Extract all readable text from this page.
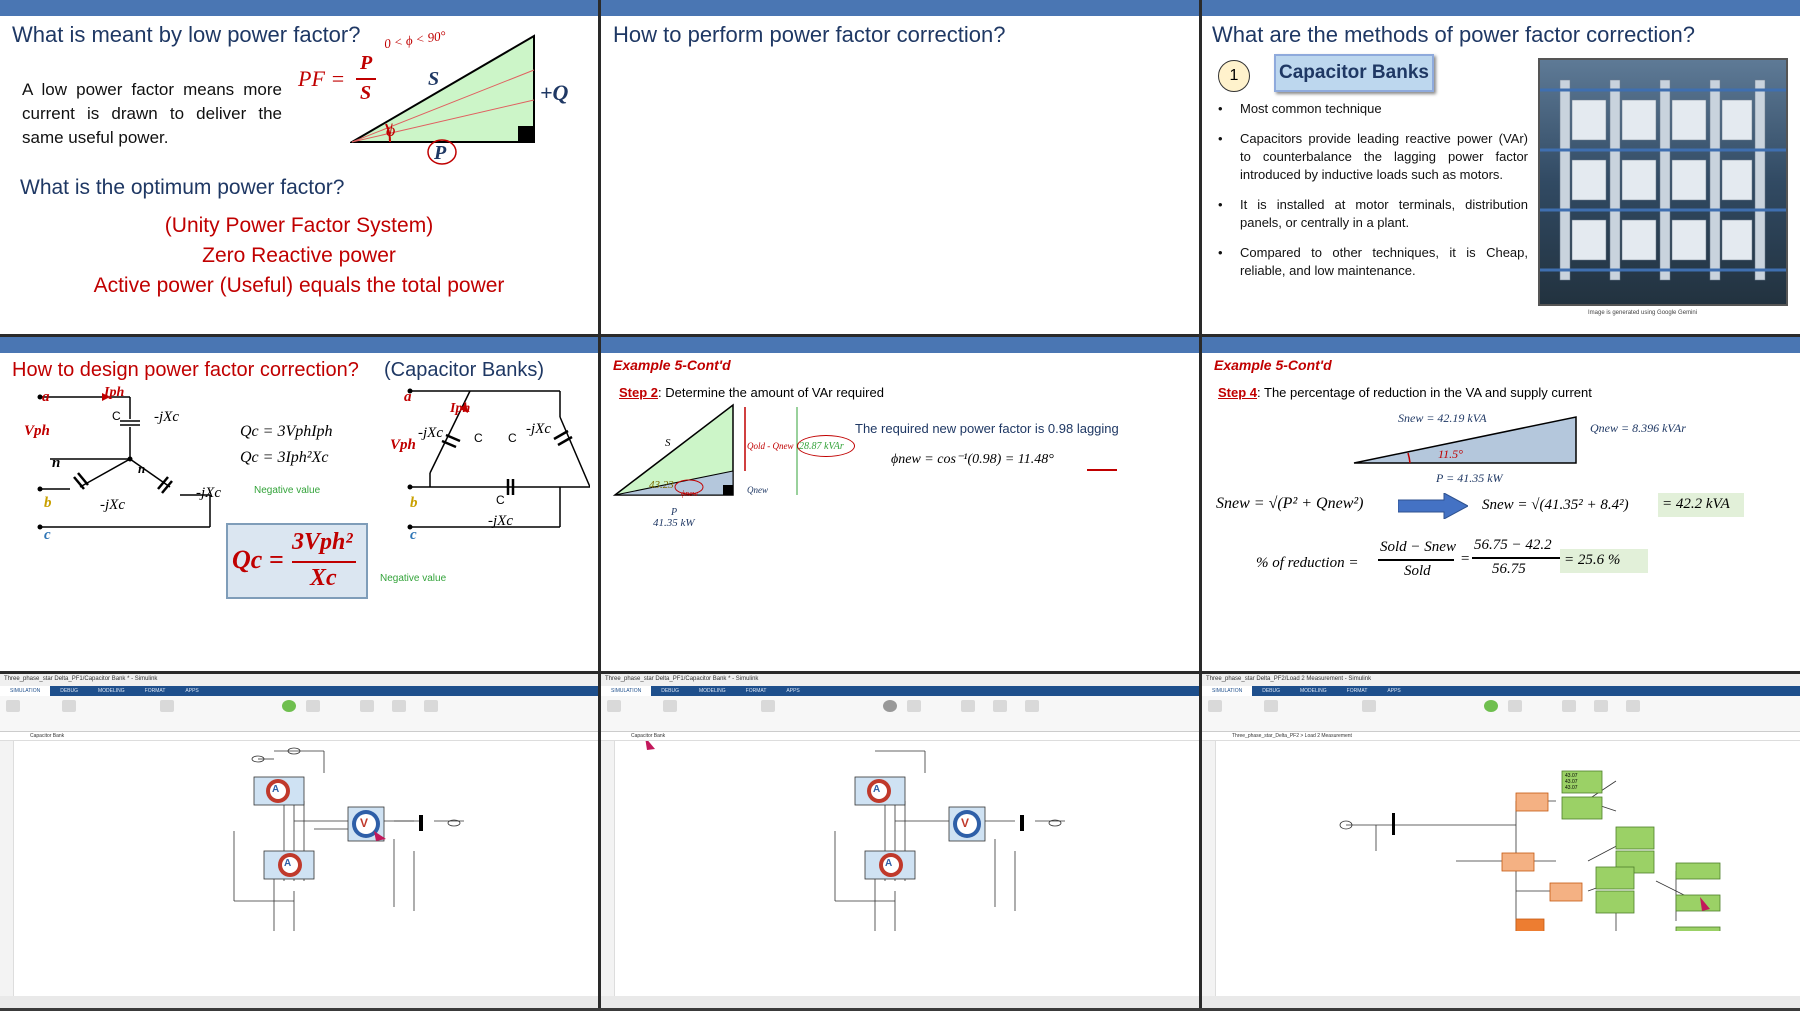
What is meant by low power factor?
A low power factor means more current is drawn to deliver the same useful power.
PF =
P
S
S
+Q
P
ϕ
0 < ϕ < 90°
What is the optimum power factor?
(Unity Power Factor System)
Zero Reactive power
Active power (Useful) equals the total power
How to perform power factor correction?	What are the methods of power factor correction?
1	Capacitor Banks
• Most common technique
• Capacitors provide leading reactive power (VAr) to counterbalance the lagging power factor introduced by inductive loads such as motors.
• It is installed at motor terminals, distribution panels, or centrally in a plant.
• Compared to other techniques, it is Cheap, reliable, and low maintenance.
Image is generated using Google Gemini
How to design power factor correction? (Capacitor Banks)
a	Iph
Vph
n	n
b
c
C -jXc
-jXc
-jXc
Qc = 3VphIph
Qc = 3Iph²Xc
Negative value
Qc =
3Vph²
Xc	Negative value
a
Iph
Vph
-jXc	C C
-jXc
b	C
-jXc
c
Example 5-Cont'd
Step 2: Determine the amount of VAr required
S
43.23
ϕnew
P
41.35 kW
Qold - Qnew 28.87 kVAr
Qnew
The required new power factor is 0.98 lagging
ϕnew = cos⁻¹(0.98) = 11.48°
Example 5-Cont'd
Step 4: The percentage of reduction in the VA and supply current
Snew = 42.19 kVA
Qnew = 8.396 kVAr
11.5°
P = 41.35 kW
Snew = √(P² + Qnew²)	Snew = √(41.35² + 8.4²) = 42.2 kVA
% of reduction =
Sold − Snew
Sold
=
56.75 − 42.2
56.75
= 25.6 %
Three_phase_star Delta_PF1/Capacitor Bank * - Simulink
SIMULATION	DEBUG	MODELING	FORMAT	APPS
Capacitor Bank
A
A
V
Three_phase_star Delta_PF1/Capacitor Bank * - Simulink
SIMULATION	DEBUG	MODELING	FORMAT	APPS
Capacitor Bank
A
A
V
Three_phase_star Delta_PF2/Load 2 Measurement - Simulink
SIMULATION	DEBUG	MODELING	FORMAT	APPS
Three_phase_star_Delta_PF2 > Load 2 Measurement
43.07
43.07
43.07
